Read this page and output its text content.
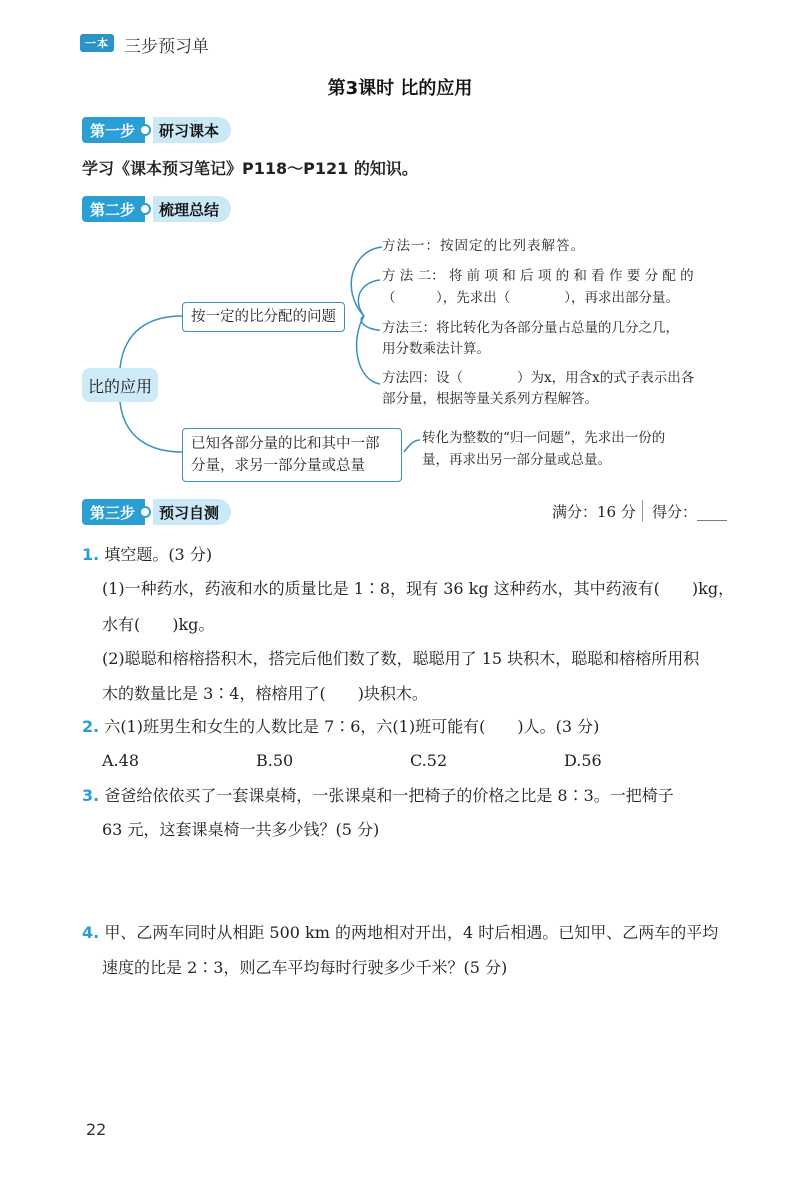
一本 三步预习单
第3课时 比的应用
第一步	研习课本
学习《课本预习笔记》P118～P121 的知识。
第二步	梳理总结
比的应用
按一定的比分配的问题
已知各部分量的比和其中一部
分量，求另一部分量或总量
方法一：按固定的比列表解答。
方 法 二： 将 前 项 和 后 项 的 和 看 作 要 分 配 的
（　　　），先求出（　　　　），再求出部分量。
方法三：将比转化为各部分量占总量的几分之几，
用分数乘法计算。
方法四：设（　　　　）为x，用含x的式子表示出各
部分量，根据等量关系列方程解答。
转化为整数的“归一问题”，先求出一份的
量，再求出另一部分量或总量。
第三步	预习自测	满分：16 分 得分：____
1. 填空题。(3 分)
(1)一种药水，药液和水的质量比是 1∶8，现有 36 kg 这种药水，其中药液有(　　)kg，
水有(　　)kg。
(2)聪聪和榕榕搭积木，搭完后他们数了数，聪聪用了 15 块积木，聪聪和榕榕所用积
木的数量比是 3∶4，榕榕用了(　　)块积木。
2. 六(1)班男生和女生的人数比是 7∶6，六(1)班可能有(　　)人。(3 分)
A.48	B.50	C.52	D.56
3. 爸爸给依依买了一套课桌椅，一张课桌和一把椅子的价格之比是 8∶3。一把椅子
63 元，这套课桌椅一共多少钱？(5 分)
4. 甲、乙两车同时从相距 500 km 的两地相对开出，4 时后相遇。已知甲、乙两车的平均
速度的比是 2∶3，则乙车平均每时行驶多少千米？(5 分)
22
